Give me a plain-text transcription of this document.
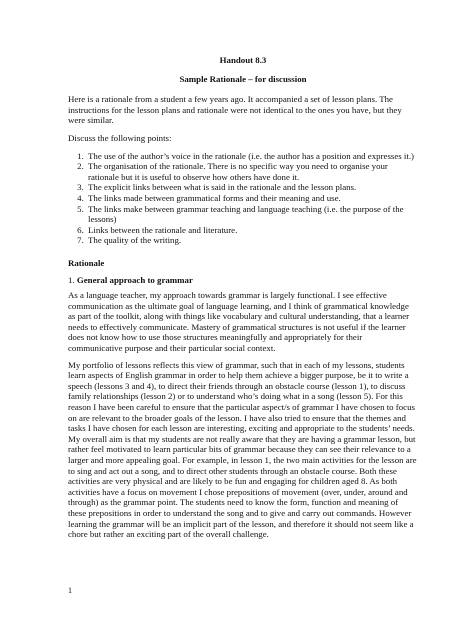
Handout 8.3
Sample Rationale – for discussion

Here is a rationale from a student a few years ago. It accompanied a set of lesson plans. The instructions for the lesson plans and rationale were not identical to the ones you have, but they were similar.

Discuss the following points:

1. The use of the author’s voice in the rationale (i.e. the author has a position and expresses it.)
2. The organisation of the rationale. There is no specific way you need to organise your rationale but it is useful to observe how others have done it.
3. The explicit links between what is said in the rationale and the lesson plans.
4. The links made between grammatical forms and their meaning and use.
5. The links make between grammar teaching and language teaching (i.e. the purpose of the lessons)
6. Links between the rationale and literature.
7. The quality of the writing.
Rationale
1. General approach to grammar

As a language teacher, my approach towards grammar is largely functional. I see effective communication as the ultimate goal of language learning, and I think of grammatical knowledge as part of the toolkit, along with things like vocabulary and cultural understanding, that a learner needs to effectively communicate. Mastery of grammatical structures is not useful if the learner does not know how to use those structures meaningfully and appropriately for their communicative purpose and their particular social context.

My portfolio of lessons reflects this view of grammar, such that in each of my lessons, students learn aspects of English grammar in order to help them achieve a bigger purpose, be it to write a speech (lessons 3 and 4), to direct their friends through an obstacle course (lesson 1), to discuss family relationships (lesson 2) or to understand who’s doing what in a song (lesson 5). For this reason I have been careful to ensure that the particular aspect/s of grammar I have chosen to focus on are relevant to the broader goals of the lesson. I have also tried to ensure that the themes and tasks I have chosen for each lesson are interesting, exciting and appropriate to the students’ needs. My overall aim is that my students are not really aware that they are having a grammar lesson, but rather feel motivated to learn particular bits of grammar because they can see their relevance to a larger and more appealing goal. For example, in lesson 1, the two main activities for the lesson are to sing and act out a song, and to direct other students through an obstacle course. Both these activities are very physical and are likely to be fun and engaging for children aged 8. As both activities have a focus on movement I chose prepositions of movement (over, under, around and through) as the grammar point. The students need to know the form, function and meaning of these prepositions in order to understand the song and to give and carry out commands. However learning the grammar will be an implicit part of the lesson, and therefore it should not seem like a chore but rather an exciting part of the overall challenge.

1
